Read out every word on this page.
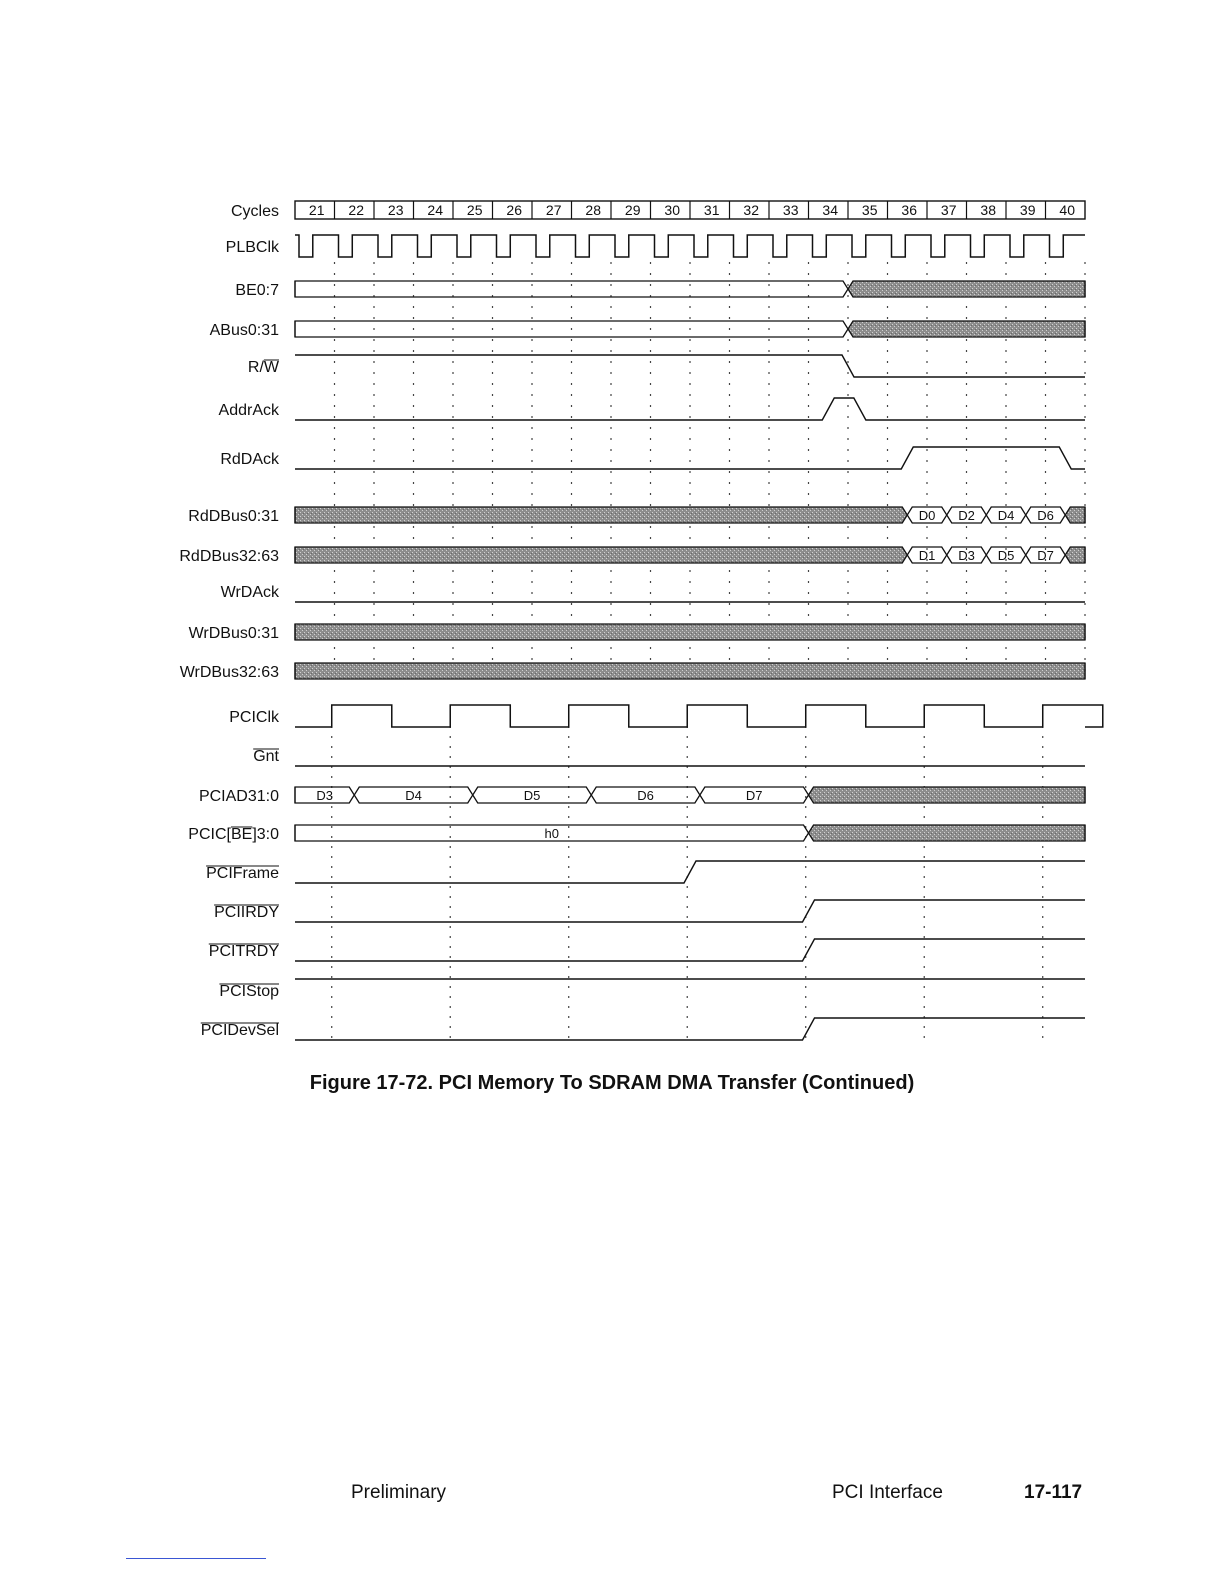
Cycles
PLBClk
BE0:7
ABus0:31
R/W
AddrAck
RdDAck
RdDBus0:31
RdDBus32:63
WrDAck
WrDBus0:31
WrDBus32:63
PCIClk
Gnt
PCIAD31:0
PCIC[BE]3:0
PCIFrame
PCIIRDY
PCITRDY
PCIStop
PCIDevSel
21 22 23 24 25 26 27 28 29 30 31 32 33 34 35 36 37 38 39 40
D0 D2 D4 D6
D1 D3 D5 D7
D3	D4	D5	D6	D7
h0
Figure 17-72. PCI Memory To SDRAM DMA Transfer (Continued)
Preliminary	PCI Interface	17-117
